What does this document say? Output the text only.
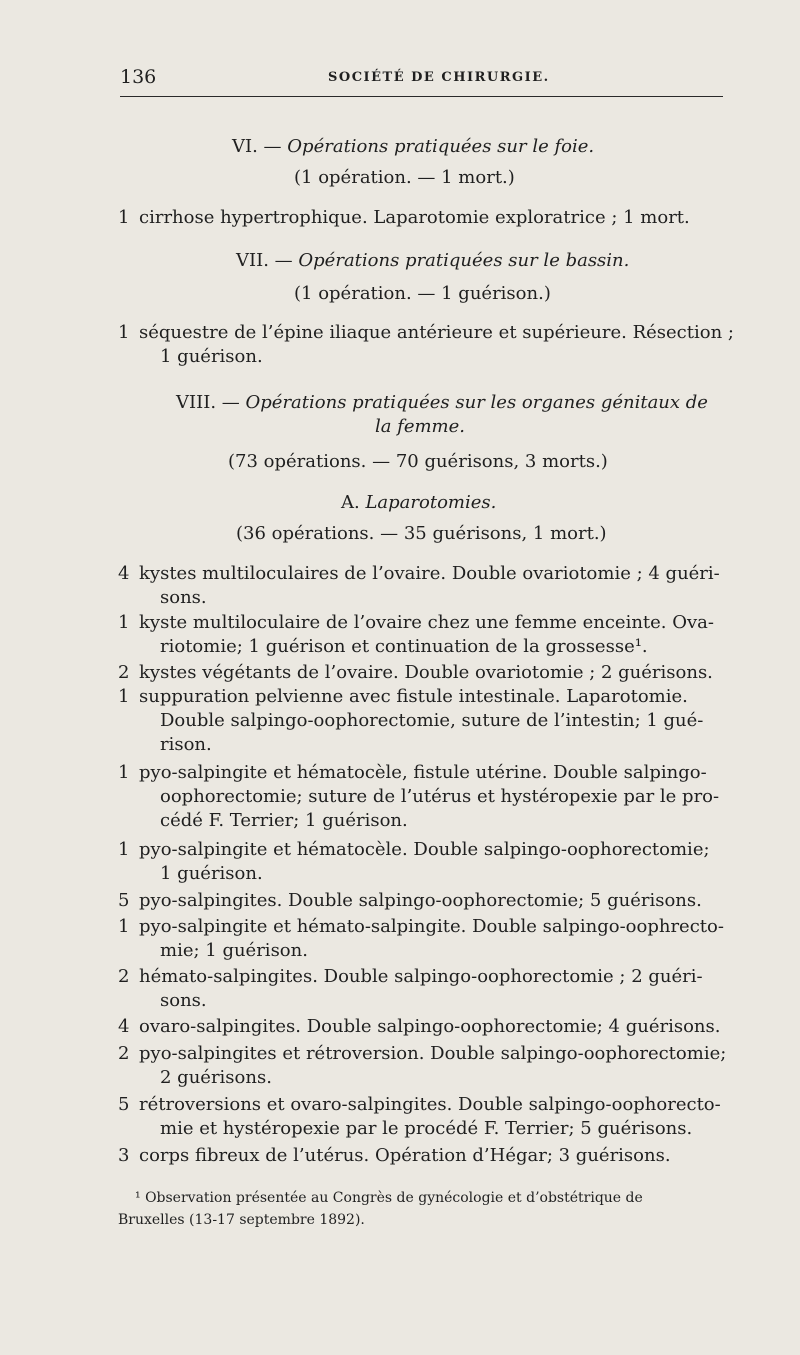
136	SOCIÉTÉ DE CHIRURGIE.
VI. — Opérations pratiquées sur le foie.
(1 opération. — 1 mort.)
1 cirrhose hypertrophique. Laparotomie exploratrice ; 1 mort.
VII. — Opérations pratiquées sur le bassin.
(1 opération. — 1 guérison.)
1 séquestre de l’épine iliaque antérieure et supérieure. Résection ;
1 guérison.
VIII. — Opérations pratiquées sur les organes génitaux de
la femme.
(73 opérations. — 70 guérisons, 3 morts.)
A. Laparotomies.
(36 opérations. — 35 guérisons, 1 mort.)
4 kystes multiloculaires de l’ovaire. Double ovariotomie ; 4 guéri-
sons.
1 kyste multiloculaire de l’ovaire chez une femme enceinte. Ova-
riotomie; 1 guérison et continuation de la grossesse¹.
2 kystes végétants de l’ovaire. Double ovariotomie ; 2 guérisons.
1 suppuration pelvienne avec fistule intestinale. Laparotomie.
Double salpingo-oophorectomie, suture de l’intestin; 1 gué-
rison.
1 pyo-salpingite et hématocèle, fistule utérine. Double salpingo-
oophorectomie; suture de l’utérus et hystéropexie par le pro-
cédé F. Terrier; 1 guérison.
1 pyo-salpingite et hématocèle. Double salpingo-oophorectomie;
1 guérison.
5 pyo-salpingites. Double salpingo-oophorectomie; 5 guérisons.
1 pyo-salpingite et hémato-salpingite. Double salpingo-oophrecto-
mie; 1 guérison.
2 hémato-salpingites. Double salpingo-oophorectomie ; 2 guéri-
sons.
4 ovaro-salpingites. Double salpingo-oophorectomie; 4 guérisons.
2 pyo-salpingites et rétroversion. Double salpingo-oophorectomie;
2 guérisons.
5 rétroversions et ovaro-salpingites. Double salpingo-oophorecto-
mie et hystéropexie par le procédé F. Terrier; 5 guérisons.
3 corps fibreux de l’utérus. Opération d’Hégar; 3 guérisons.
¹ Observation présentée au Congrès de gynécologie et d’obstétrique de
Bruxelles (13-17 septembre 1892).
